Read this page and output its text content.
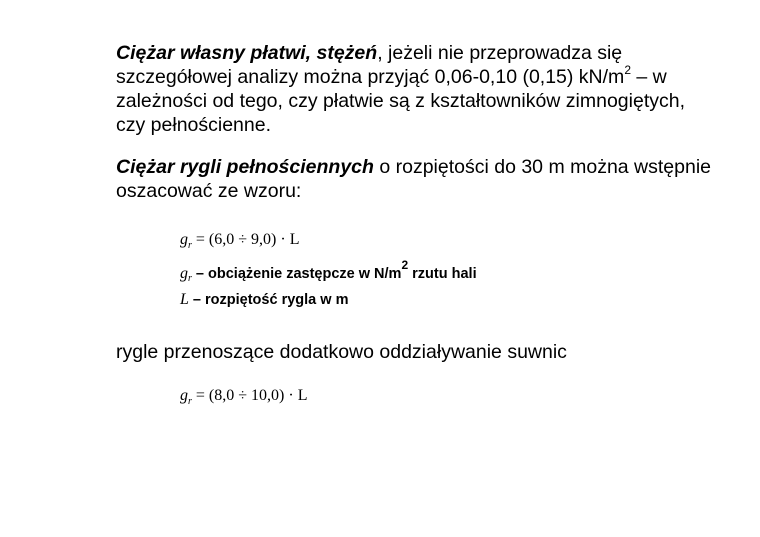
Ciężar własny płatwi, stężeń, jeżeli nie przeprowadza się szczegółowej analizy można przyjąć 0,06-0,10 (0,15) $kN/m^2$ – w zależności od tego, czy płatwie są z kształtowników zimnogiętych, czy pełnościenne.

Ciężar rygli pełnościennych o rozpiętości do 30 m można wstępnie oszacować ze wzoru:

$g_r = (6,0 \div 9,0) \cdot L$
$g_r$ – obciążenie zastępcze w $N/m^2$ rzutu hali
L – rozpiętość rygla w m

rygle przenoszące dodatkowo oddziaływanie suwnic

$g_r = (8,0 \div 10,0) \cdot L$
